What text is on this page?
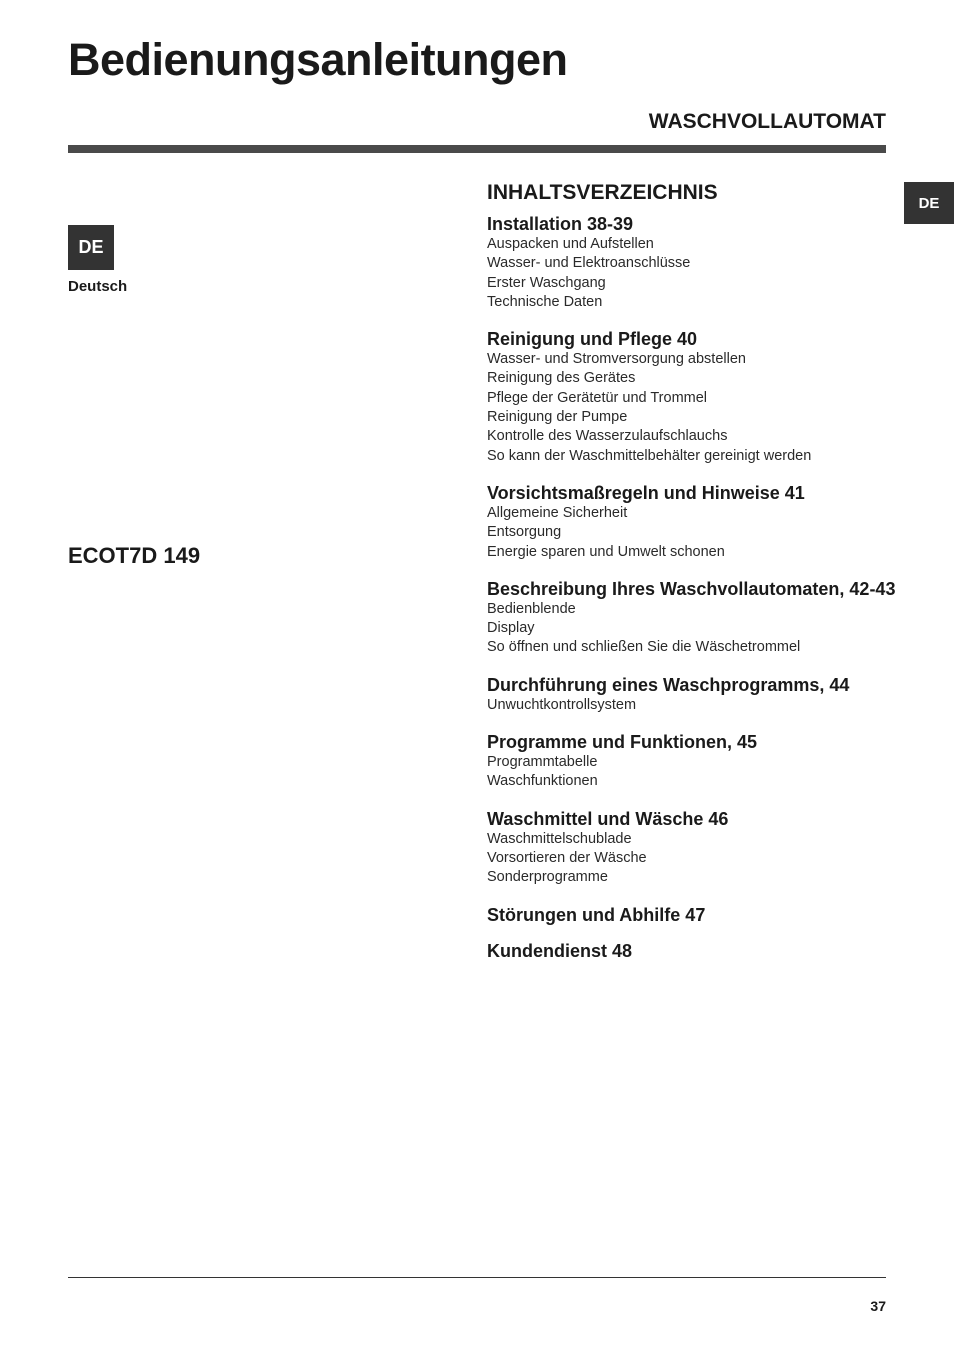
Bedienungsanleitungen
WASCHVOLLAUTOMAT
DE
DE
Deutsch
ECOT7D 149
INHALTSVERZEICHNIS
Installation 38-39
Auspacken und Aufstellen
Wasser- und Elektroanschlüsse
Erster Waschgang
Technische Daten
Reinigung und Pflege 40
Wasser- und Stromversorgung abstellen
Reinigung des Gerätes
Pflege der Gerätetür und Trommel
Reinigung der Pumpe
Kontrolle des Wasserzulaufschlauchs
So kann der Waschmittelbehälter gereinigt werden
Vorsichtsmaßregeln und Hinweise 41
Allgemeine Sicherheit
Entsorgung
Energie sparen und Umwelt schonen
Beschreibung Ihres Waschvollautomaten, 42-43
Bedienblende
Display
So öffnen und schließen Sie die Wäschetrommel
Durchführung eines Waschprogramms, 44
Unwuchtkontrollsystem
Programme und Funktionen, 45
Programmtabelle
Waschfunktionen
Waschmittel und Wäsche 46
Waschmittelschublade
Vorsortieren der Wäsche
Sonderprogramme
Störungen und Abhilfe 47
Kundendienst 48
37
